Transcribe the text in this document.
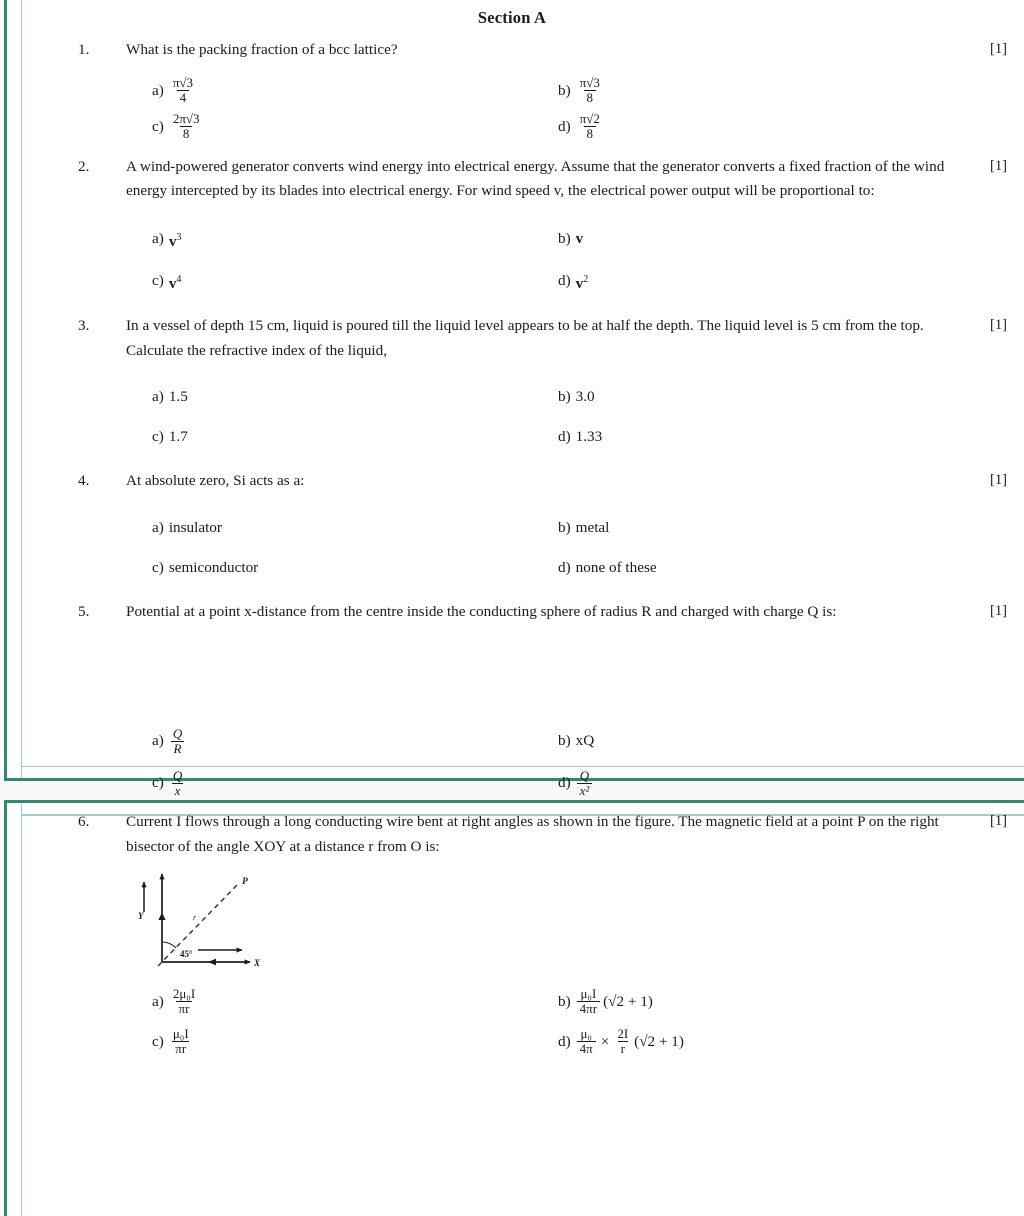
Section A
1.	What is the packing fraction of a bcc lattice?	[1]
$a) \frac{\pi√3}{4}$	$b) \frac{\pi√3}{8}$
$c) \frac{2\pi√3}{8}$	$d) \frac{\pi√2}{8}$
2.	A wind-powered generator converts wind energy into electrical energy. Assume that the generator converts a fixed fraction of the wind energy intercepted by its blades into electrical energy. For wind speed v, the electrical power output will be proportional to:
[1]
a) $v^3$	b) v
c) $v^4$	d) $v^2$
3.	In a vessel of depth 15 cm, liquid is poured till the liquid level appears to be at half the depth. The liquid level is 5 cm from the top. Calculate the refractive index of the liquid,
[1]
a) 1.5	b) 3.0
c) 1.7	d) 1.33
4.	At absolute zero, Si acts as a:	[1]
a) insulator	b) metal
c) semiconductor	d) none of these
5.	Potential at a point x-distance from the centre inside the conducting sphere of radius R and charged with charge Q is:	[1]
$a) \frac{Q}{R}$	b) xQ
$c) \frac{Q}{x}$	$d) \frac{Q}{\text{x²}}$
6.	Current I flows through a long conducting wire bent at right angles as shown in the figure. The magnetic field at a point P on the right bisector of the angle XOY at a distance r from O is:
[1]
Y
X
P
r
45°
$a) \frac{\text{2μ₀I}}{\pi r}$	$b) \frac{\text{μ₀I}}{4\pi r} (√2 + 1)$
$c) \frac{\text{μ₀I}}{\pi r}$	$d) \frac{\text{μ₀}}{4\pi} \times \frac{2I}{r} (√2 + 1)$
